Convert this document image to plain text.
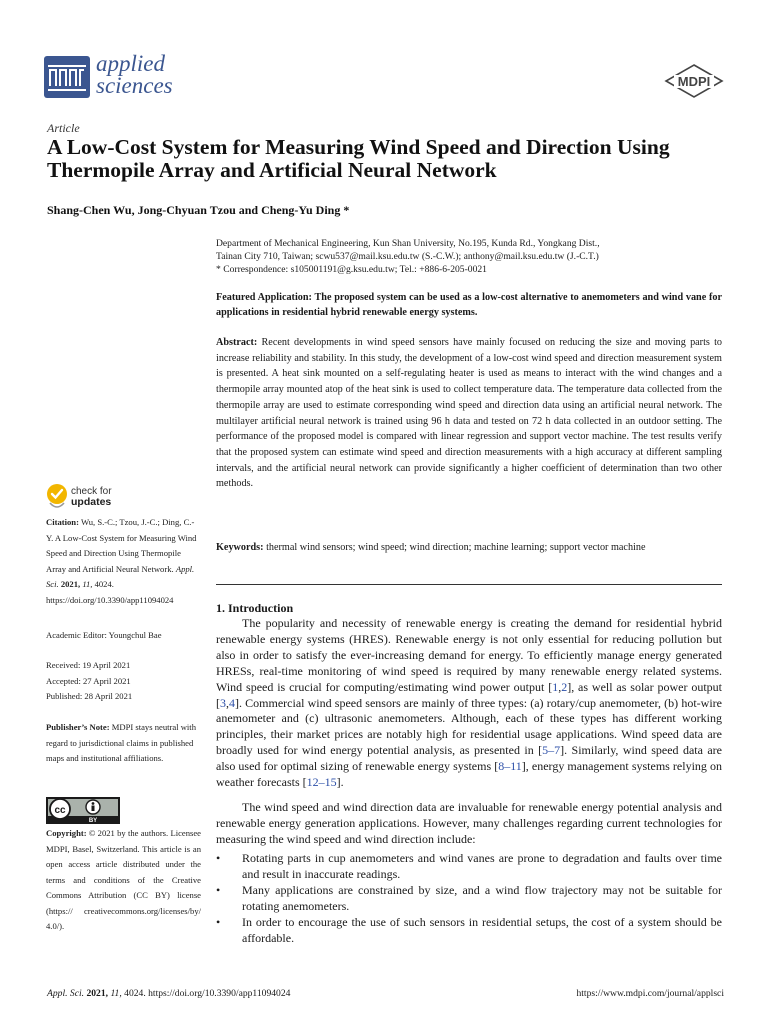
applied
sciences	MDPI
Article
A Low-Cost System for Measuring Wind Speed and Direction Using Thermopile Array and Artificial Neural Network
Shang-Chen Wu, Jong-Chyuan Tzou and Cheng-Yu Ding *
Department of Mechanical Engineering, Kun Shan University, No.195, Kunda Rd., Yongkang Dist.,
Tainan City 710, Taiwan; scwu537@mail.ksu.edu.tw (S.-C.W.); anthony@mail.ksu.edu.tw (J.-C.T.)
* Correspondence: s105001191@g.ksu.edu.tw; Tel.: +886-6-205-0021
Featured Application: The proposed system can be used as a low-cost alternative to anemometers and wind vane for applications in residential hybrid renewable energy systems.
Abstract: Recent developments in wind speed sensors have mainly focused on reducing the size and moving parts to increase reliability and stability. In this study, the development of a low-cost wind speed and direction measurement system is presented. A heat sink mounted on a self-regulating heater is used as means to interact with the wind changes and a thermopile array mounted atop of the heat sink is used to collect temperature data. The temperature data collected from the thermopile array are used to estimate corresponding wind speed and direction data using an artificial neural network. The multilayer artificial neural network is trained using 96 h data and tested on 72 h data collected in an outdoor setting. The performance of the proposed model is compared with linear regression and support vector machine. The test results verify that the proposed system can estimate wind speed and direction measurements with a high accuracy at different sampling intervals, and the artificial neural network can provide significantly a higher coefficient of determination than two other methods.
Keywords: thermal wind sensors; wind speed; wind direction; machine learning; support vector machine
check for
updates
Citation: Wu, S.-C.; Tzou, J.-C.; Ding, C.-Y. A Low-Cost System for Measuring Wind Speed and Direction Using Thermopile Array and Artificial Neural Network. Appl. Sci. 2021, 11, 4024. https://doi.org/10.3390/app11094024
Academic Editor: Youngchul Bae
Received: 19 April 2021
Accepted: 27 April 2021
Published: 28 April 2021
Publisher’s Note: MDPI stays neutral with regard to jurisdictional claims in published maps and institutional affiliations.
cc
BY
Copyright: © 2021 by the authors. Licensee MDPI, Basel, Switzerland. This article is an open access article distributed under the terms and conditions of the Creative Commons Attribution (CC BY) license (https:// creativecommons.org/licenses/by/ 4.0/).
1. Introduction
The popularity and necessity of renewable energy is creating the demand for residential hybrid renewable energy systems (HRES). Renewable energy is not only essential for reducing pollution but also in order to satisfy the ever-increasing demand for energy. To efficiently manage energy generated HRESs, real-time monitoring of wind speed is required by many renewable energy related systems. Wind speed is crucial for computing/estimating wind power output [1,2], as well as solar power output [3,4]. Commercial wind speed sensors are mainly of three types: (a) rotary/cup anemometer, (b) hot-wire anemometer and (c) ultrasonic anemometers. Although, each of these types has different working principles, their market prices are notably high for residential usage applications. Wind speed data are broadly used for wind energy potential analysis, as presented in [5–7]. Similarly, wind speed data are also used for optimal sizing of renewable energy systems [8–11], energy management systems relying on weather forecasts [12–15].
The wind speed and wind direction data are invaluable for renewable energy potential analysis and renewable energy generation applications. However, many challenges regarding current technologies for measuring the wind speed and wind direction include:
• Rotating parts in cup anemometers and wind vanes are prone to degradation and faults over time and result in inaccurate readings.
• Many applications are constrained by size, and a wind flow trajectory may not be suitable for rotating anemometers.
• In order to encourage the use of such sensors in residential setups, the cost of a system should be affordable.
Appl. Sci. 2021, 11, 4024. https://doi.org/10.3390/app11094024	https://www.mdpi.com/journal/applsci
